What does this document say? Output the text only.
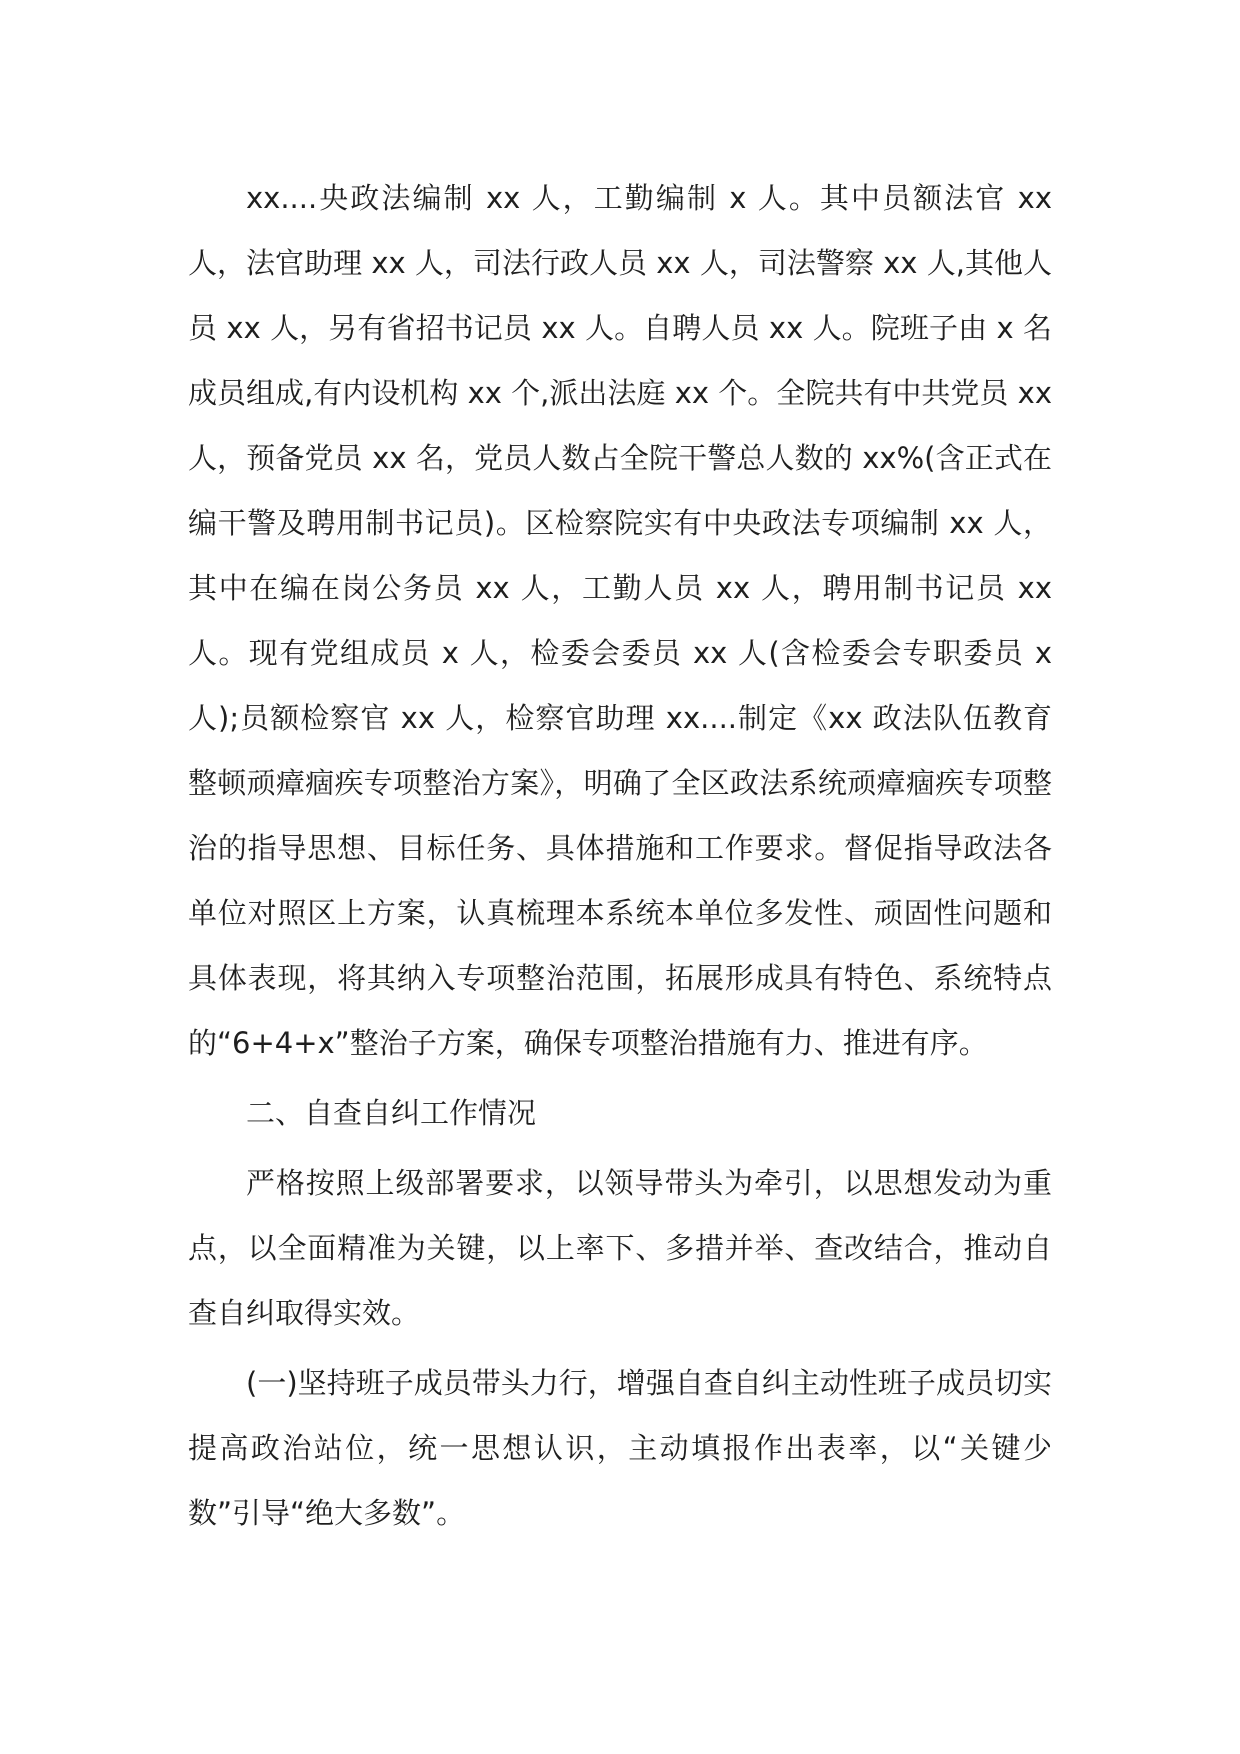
xx....央政法编制 xx 人，工勤编制 x 人。其中员额法官 xx 人，法官助理 xx 人，司法行政人员 xx 人，司法警察 xx 人,其他人员 xx 人，另有省招书记员 xx 人。自聘人员 xx 人。院班子由 x 名成员组成,有内设机构 xx 个,派出法庭 xx 个。全院共有中共党员 xx 人，预备党员 xx 名，党员人数占全院干警总人数的 xx%(含正式在编干警及聘用制书记员)。区检察院实有中央政法专项编制 xx 人，其中在编在岗公务员 xx 人，工勤人员 xx 人，聘用制书记员 xx 人。现有党组成员 x 人，检委会委员 xx 人(含检委会专职委员 x 人);员额检察官 xx 人，检察官助理 xx....制定《xx 政法队伍教育整顿顽瘴痼疾专项整治方案》，明确了全区政法系统顽瘴痼疾专项整治的指导思想、目标任务、具体措施和工作要求。督促指导政法各单位对照区上方案，认真梳理本系统本单位多发性、顽固性问题和具体表现，将其纳入专项整治范围，拓展形成具有特色、系统特点的“6+4+x”整治子方案，确保专项整治措施有力、推进有序。

二、自查自纠工作情况

严格按照上级部署要求，以领导带头为牵引，以思想发动为重点，以全面精准为关键，以上率下、多措并举、查改结合，推动自查自纠取得实效。

(一)坚持班子成员带头力行，增强自查自纠主动性班子成员切实提高政治站位，统一思想认识，主动填报作出表率，以“关键少数”引导“绝大多数”。
